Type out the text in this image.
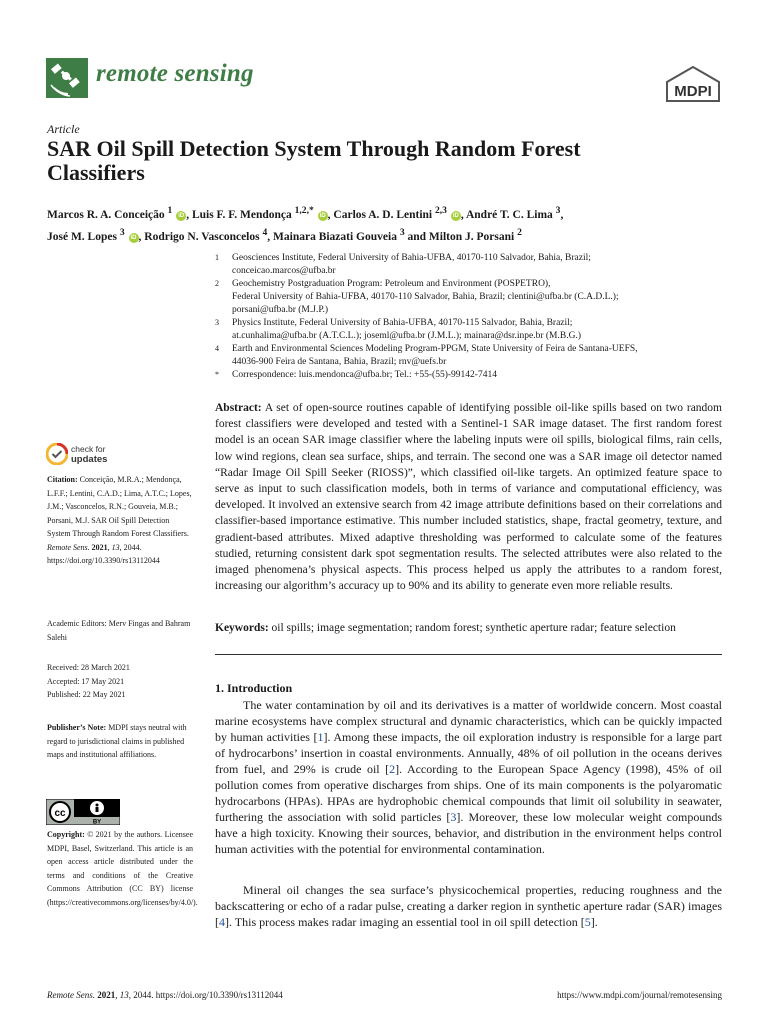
remote sensing
MDPI
Article
SAR Oil Spill Detection System Through Random Forest Classifiers
Marcos R. A. Conceição $^1$ iD , Luis F. F. Mendonça $^{1,2,*}$ iD , Carlos A. D. Lentini $^{2,3}$ iD , André T. C. Lima $^3$,
José M. Lopes $^3$ iD , Rodrigo N. Vasconcelos $^4$, Mainara Biazati Gouveia $^3$ and Milton J. Porsani $^2$
1 Geosciences Institute, Federal University of Bahia-UFBA, 40170-110 Salvador, Bahia, Brazil;
conceicao.marcos@ufba.br
2 Geochemistry Postgraduation Program: Petroleum and Environment (POSPETRO),
Federal University of Bahia-UFBA, 40170-110 Salvador, Bahia, Brazil; clentini@ufba.br (C.A.D.L.);
porsani@ufba.br (M.J.P.)
3 Physics Institute, Federal University of Bahia-UFBA, 40170-115 Salvador, Bahia, Brazil;
at.cunhalima@ufba.br (A.T.C.L.); joseml@ufba.br (J.M.L.); mainara@dsr.inpe.br (M.B.G.)
4 Earth and Environmental Sciences Modeling Program-PPGM, State University of Feira de Santana-UEFS,
44036-900 Feira de Santana, Bahia, Brazil; rnv@uefs.br
* Correspondence: luis.mendonca@ufba.br; Tel.: +55-(55)-99142-7414

Abstract: A set of open-source routines capable of identifying possible oil-like spills based on two random forest classifiers were developed and tested with a Sentinel-1 SAR image dataset. The first random forest model is an ocean SAR image classifier where the labeling inputs were oil spills, biological films, rain cells, low wind regions, clean sea surface, ships, and terrain. The second one was a SAR image oil detector named “Radar Image Oil Spill Seeker (RIOSS)”, which classified oil-like targets. An optimized feature space to serve as input to such classification models, both in terms of variance and computational efficiency, was developed. It involved an extensive search from 42 image attribute definitions based on their correlations and classifier-based importance estimative. This number included statistics, shape, fractal geometry, texture, and gradient-based attributes. Mixed adaptive thresholding was performed to calculate some of the features studied, returning consistent dark spot segmentation results. The selected attributes were also related to the imaged phenomena’s physical aspects. This process helped us apply the attributes to a random forest, increasing our algorithm’s accuracy up to 90% and its ability to generate even more reliable results.

Keywords: oil spills; image segmentation; random forest; synthetic aperture radar; feature selection

check for
updates
Citation: Conceição, M.R.A.; Mendonça, L.F.F.; Lentini, C.A.D.; Lima, A.T.C.; Lopes, J.M.; Vasconcelos, R.N.; Gouveia, M.B.; Porsani, M.J. SAR Oil Spill Detection System Through Random Forest Classifiers. Remote Sens. 2021, 13, 2044. https://doi.org/10.3390/rs13112044
Academic Editors: Merv Fingas and Bahram Salehi
Received: 28 March 2021
Accepted: 17 May 2021
Published: 22 May 2021
Publisher’s Note: MDPI stays neutral with regard to jurisdictional claims in published maps and institutional affiliations.
cc
BY
Copyright: © 2021 by the authors. Licensee MDPI, Basel, Switzerland. This article is an open access article distributed under the terms and conditions of the Creative Commons Attribution (CC BY) license (https://creativecommons.org/licenses/by/4.0/).
1. Introduction

The water contamination by oil and its derivatives is a matter of worldwide concern. Most coastal marine ecosystems have complex structural and dynamic characteristics, which can be quickly impacted by human activities [1]. Among these impacts, the oil exploration industry is responsible for a large part of hydrocarbons’ insertion in coastal environments. Annually, 48% of oil pollution in the oceans derives from fuel, and 29% is crude oil [2]. According to the European Space Agency (1998), 45% of oil pollution comes from operative discharges from ships. One of its main components is the polyaromatic hydrocarbons (HPAs). HPAs are hydrophobic chemical compounds that limit oil solubility in seawater, furthering the association with solid particles [3]. Moreover, these low molecular weight compounds have a high toxicity. Knowing their sources, behavior, and distribution in the environment helps control human activities with the potential for environmental contamination.

Mineral oil changes the sea surface’s physicochemical properties, reducing roughness and the backscattering or echo of a radar pulse, creating a darker region in synthetic aperture radar (SAR) images [4]. This process makes radar imaging an essential tool in oil spill detection [5].

Remote Sens. 2021, 13, 2044. https://doi.org/10.3390/rs13112044	https://www.mdpi.com/journal/remotesensing
